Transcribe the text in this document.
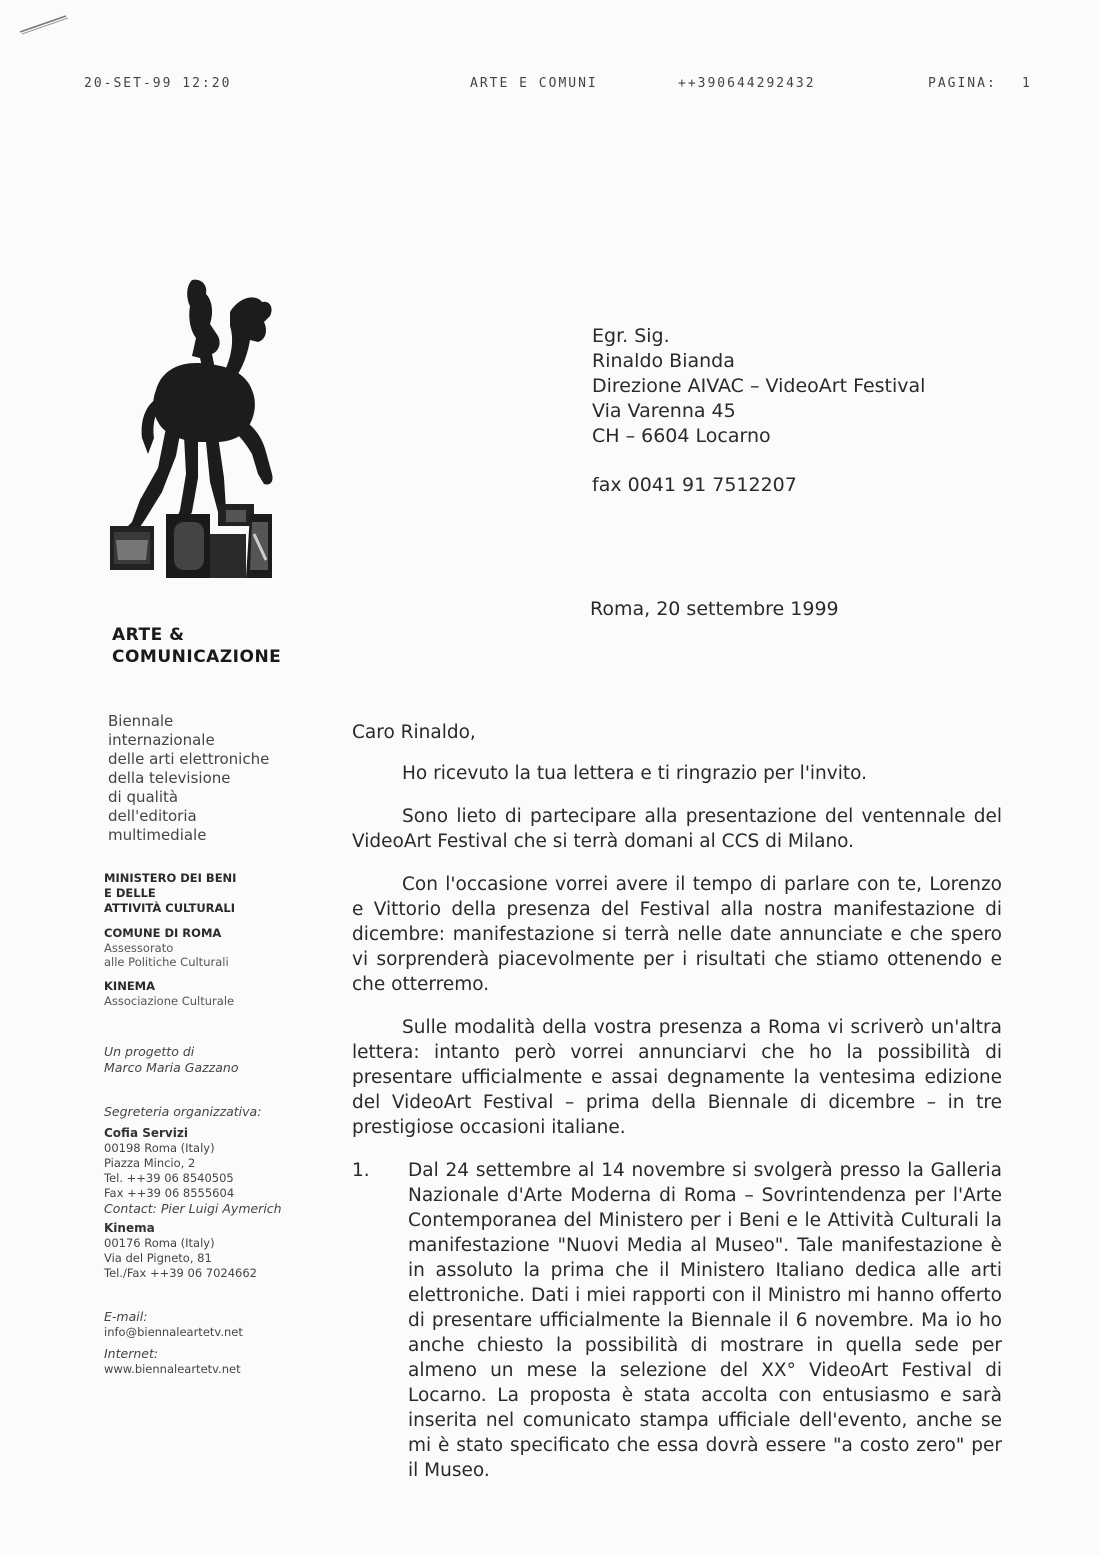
20-SET-99 12:20	ARTE E COMUNI	++390644292432	PAGINA: 1
ARTE &
COMUNICAZIONE
Biennale
internazionale
delle arti elettroniche
della televisione
di qualità
dell'editoria
multimediale
MINISTERO DEI BENI
E DELLE
ATTIVITÀ CULTURALI
COMUNE DI ROMA
Assessorato
alle Politiche Culturali
KINEMA
Associazione Culturale
Un progetto di
Marco Maria Gazzano
Segreteria organizzativa:
Cofia Servizi
00198 Roma (Italy)
Piazza Mincio, 2
Tel. ++39 06 8540505
Fax ++39 06 8555604
Contact: Pier Luigi Aymerich
Kinema
00176 Roma (Italy)
Via del Pigneto, 81
Tel./Fax ++39 06 7024662
E-mail:
info@biennaleartetv.net
Internet:
www.biennaleartetv.net
Egr. Sig.
Rinaldo Bianda
Direzione AIVAC – VideoArt Festival
Via Varenna 45
CH – 6604 Locarno
fax 0041 91 7512207
Roma, 20 settembre 1999
Caro Rinaldo,

Ho ricevuto la tua lettera e ti ringrazio per l'invito.

Sono lieto di partecipare alla presentazione del ventennale del VideoArt Festival che si terrà domani al CCS di Milano.

Con l'occasione vorrei avere il tempo di parlare con te, Lorenzo e Vittorio della presenza del Festival alla nostra manifestazione di dicembre: manifestazione si terrà nelle date annunciate e che spero vi sorprenderà piacevolmente per i risultati che stiamo ottenendo e che otterremo.

Sulle modalità della vostra presenza a Roma vi scriverò un'altra lettera: intanto però vorrei annunciarvi che ho la possibilità di presentare ufficialmente e assai degnamente la ventesima edizione del VideoArt Festival – prima della Biennale di dicembre – in tre prestigiose occasioni italiane.

1.	Dal 24 settembre al 14 novembre si svolgerà presso la Galleria Nazionale d'Arte Moderna di Roma – Sovrintendenza per l'Arte Contemporanea del Ministero per i Beni e le Attività Culturali la manifestazione "Nuovi Media al Museo". Tale manifestazione è in assoluto la prima che il Ministero Italiano dedica alle arti elettroniche. Dati i miei rapporti con il Ministro mi hanno offerto di presentare ufficialmente la Biennale il 6 novembre. Ma io ho anche chiesto la possibilità di mostrare in quella sede per almeno un mese la selezione del XX° VideoArt Festival di Locarno. La proposta è stata accolta con entusiasmo e sarà inserita nel comunicato stampa ufficiale dell'evento, anche se mi è stato specificato che essa dovrà essere "a costo zero" per il Museo.
